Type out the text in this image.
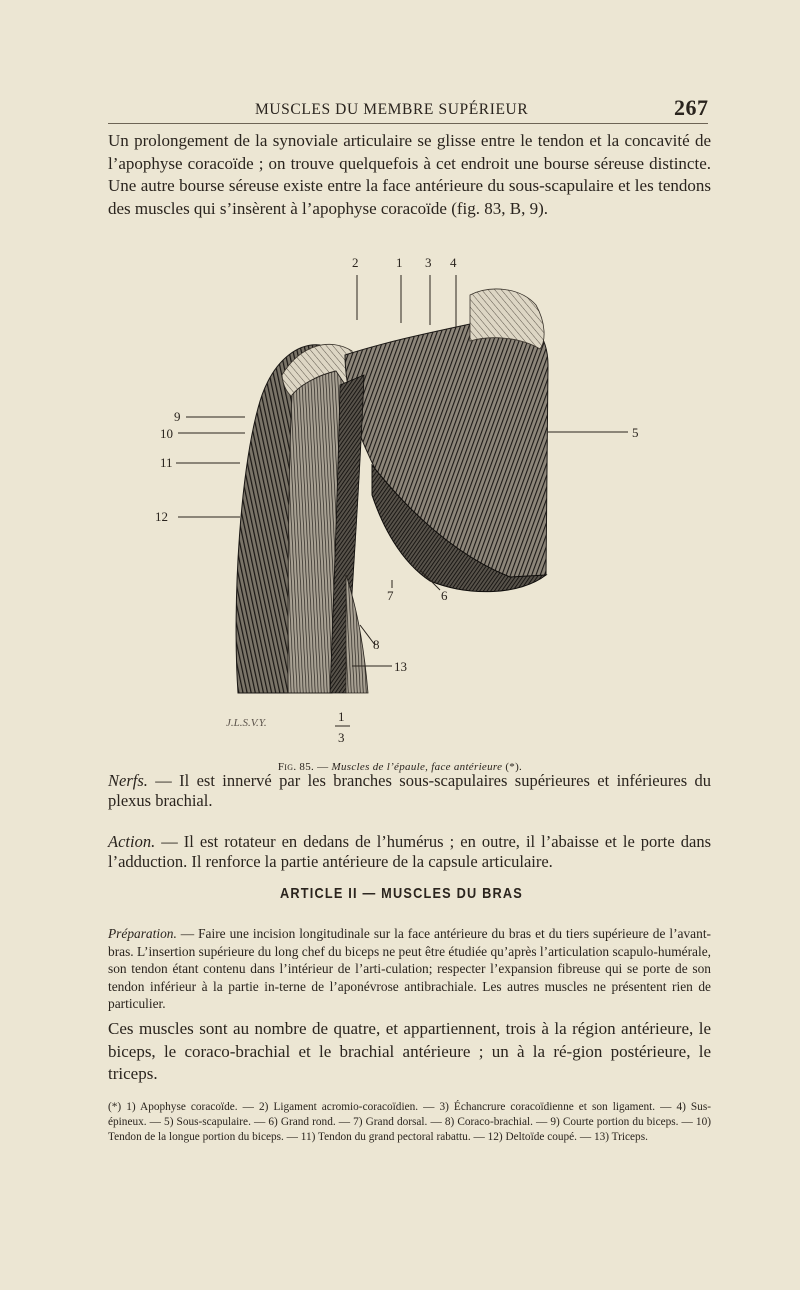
MUSCLES DU MEMBRE SUPÉRIEUR	267

Un prolongement de la synoviale articulaire se glisse entre le tendon et la concavité de l’apophyse coracoïde ; on trouve quelquefois à cet endroit une bourse séreuse distincte. Une autre bourse séreuse existe entre la face antérieure du sous-scapulaire et les tendons des muscles qui s’insèrent à l’apophyse coracoïde (fig. 83, B, 9).

2	1 3 4
5
6
7
8
9
10
11
12
13
1
3
J.L.S.V.Y.
Fig. 85. — Muscles de l’épaule, face antérieure (*).

Nerfs. — Il est innervé par les branches sous-scapulaires supérieures et inférieures du plexus brachial.

Action. — Il est rotateur en dedans de l’humérus ; en outre, il l’abaisse et le porte dans l’adduction. Il renforce la partie antérieure de la capsule articulaire.

ARTICLE II — MUSCLES DU BRAS

Préparation. — Faire une incision longitudinale sur la face antérieure du bras et du tiers supérieure de l’avant-bras. L’insertion supérieure du long chef du biceps ne peut être étudiée qu’après l’articulation scapulo-humérale, son tendon étant contenu dans l’intérieur de l’arti-culation; respecter l’expansion fibreuse qui se porte de son tendon inférieur à la partie in-terne de l’aponévrose antibrachiale. Les autres muscles ne présentent rien de particulier.

Ces muscles sont au nombre de quatre, et appartiennent, trois à la région antérieure, le biceps, le coraco-brachial et le brachial antérieure ; un à la ré-gion postérieure, le triceps.

(*) 1) Apophyse coracoïde. — 2) Ligament acromio-coracoïdien. — 3) Échancrure coracoïdienne et son ligament. — 4) Sus-épineux. — 5) Sous-scapulaire. — 6) Grand rond. — 7) Grand dorsal. — 8) Coraco-brachial. — 9) Courte portion du biceps. — 10) Tendon de la longue portion du biceps. — 11) Tendon du grand pectoral rabattu. — 12) Deltoïde coupé. — 13) Triceps.
